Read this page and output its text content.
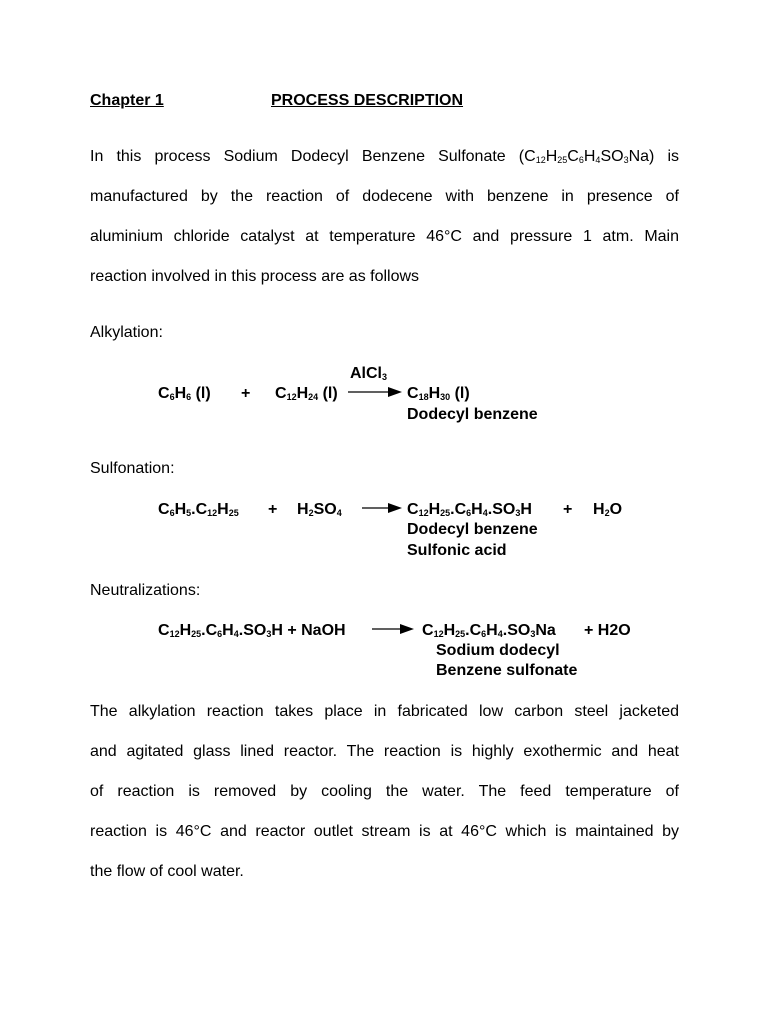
Chapter 1	PROCESS DESCRIPTION
In this process Sodium Dodecyl Benzene Sulfonate $(C_{12}H_{25}C_6H_4SO_3Na)$ is
manufactured by the reaction of dodecene with benzene in presence of
aluminium chloride catalyst at temperature 46°C and pressure 1 atm. Main
reaction involved in this process are as follows
Alkylation:
AlCl$_3$
$C_6H_6$ $(l) + C_{12}H_{24}$ $(l) \to C_{18}H_{30}$ (l)
Dodecyl benzene
Sulfonation:
$C_6H_5.C_{12}H_{25} + H_2SO_4 \to C_{12}H_{25}.C_6H_4.SO_3H + H_2O$
Dodecyl benzene
Sulfonic acid
Neutralizations:
$C_{12}H_{25}.C_6H_4.SO_3H$ + NaOH → $C_{12}H_{25}.C_6H_4.SO_3Na + H2O$
Sodium dodecyl
Benzene sulfonate
The alkylation reaction takes place in fabricated low carbon steel jacketed
and agitated glass lined reactor. The reaction is highly exothermic and heat
of reaction is removed by cooling the water. The feed temperature of
reaction is 46°C and reactor outlet stream is at 46°C which is maintained by
the flow of cool water.
